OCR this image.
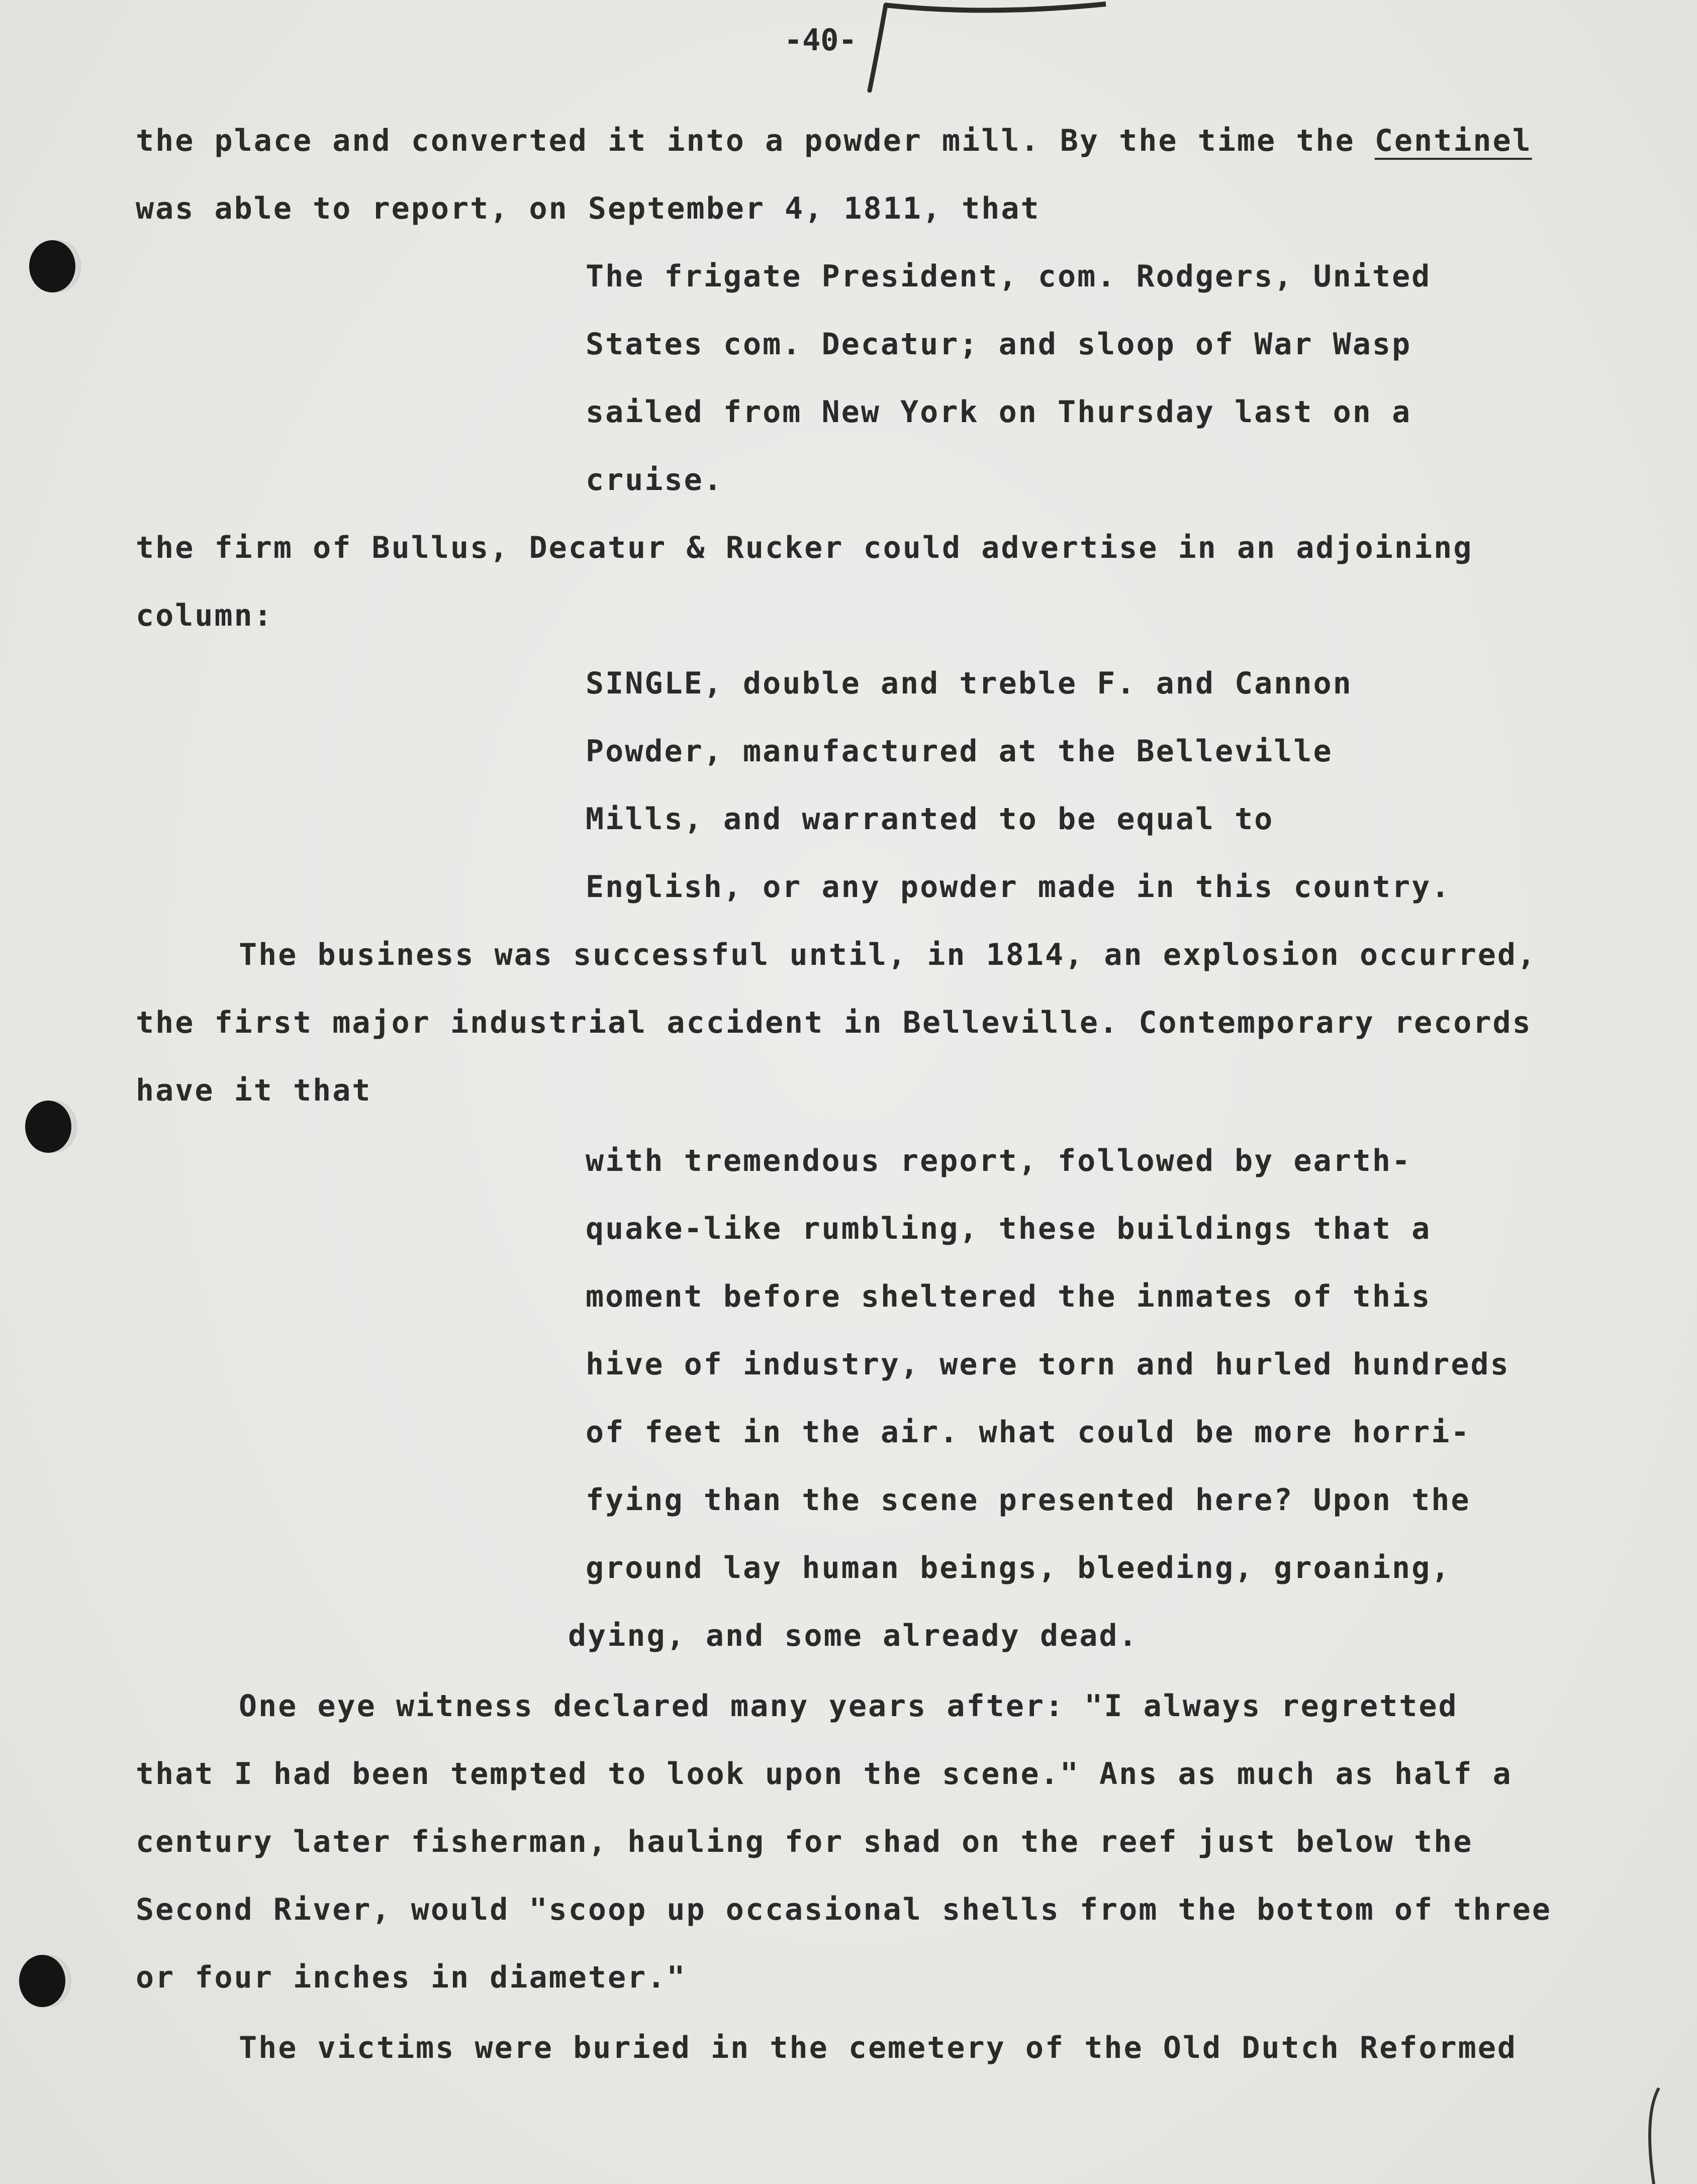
-40-
the place and converted it into a powder mill. By the time the Centinel
was able to report, on September 4, 1811, that
The frigate President, com. Rodgers, United
States com. Decatur; and sloop of War Wasp
sailed from New York on Thursday last on a
cruise.
the firm of Bullus, Decatur & Rucker could advertise in an adjoining
column:
SINGLE, double and treble F. and Cannon
Powder, manufactured at the Belleville
Mills, and warranted to be equal to
English, or any powder made in this country.
The business was successful until, in 1814, an explosion occurred,
the first major industrial accident in Belleville. Contemporary records
have it that
with tremendous report, followed by earth-
quake-like rumbling, these buildings that a
moment before sheltered the inmates of this
hive of industry, were torn and hurled hundreds
of feet in the air. what could be more horri-
fying than the scene presented here? Upon the
ground lay human beings, bleeding, groaning,
dying, and some already dead.
One eye witness declared many years after: "I always regretted
that I had been tempted to look upon the scene." Ans as much as half a
century later fisherman, hauling for shad on the reef just below the
Second River, would "scoop up occasional shells from the bottom of three
or four inches in diameter."
The victims were buried in the cemetery of the Old Dutch Reformed
